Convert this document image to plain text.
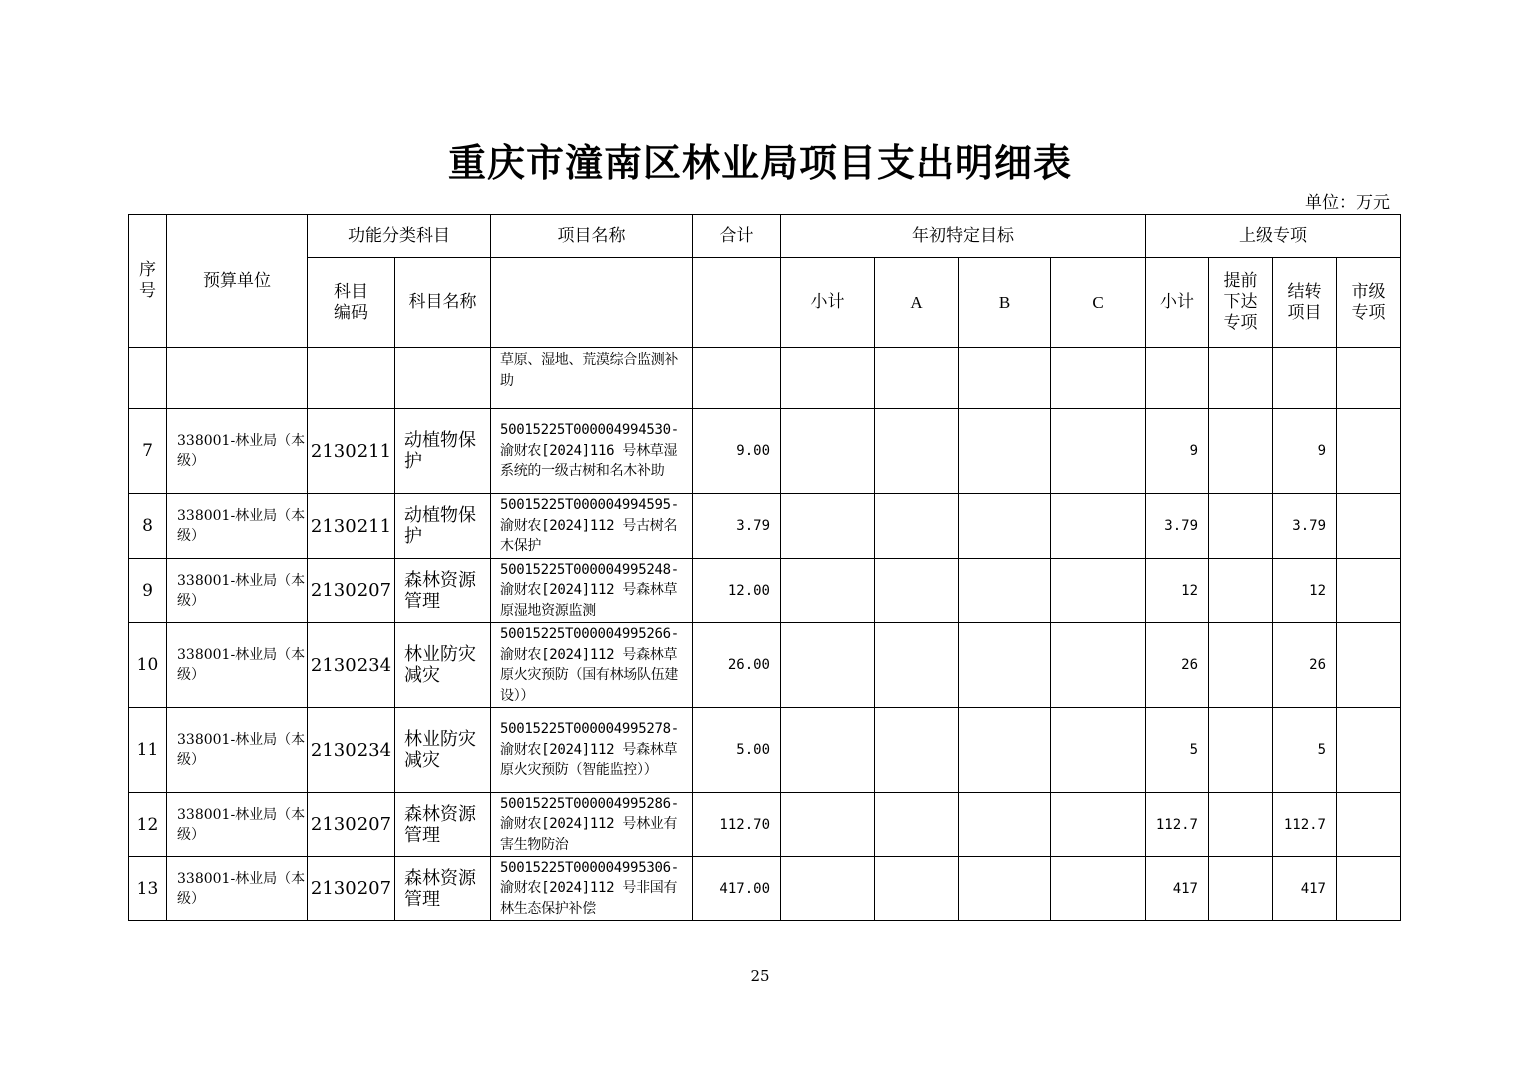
重庆市潼南区林业局项目支出明细表
单位：万元
序号	预算单位	功能分类科目		项目名称	合计	年初特定目标				上级专项			
		科目编码	科目名称			小计	A	B	C	小计	提前下达专项	结转项目	市级专项
				草原、湿地、荒漠综合监测补助									
7	338001-林业局（本级）	2130211	动植物保护	50015225T000004994530-渝财农[2024]116 号林草湿系统的一级古树和名木补助	9.00					9		9	
8	338001-林业局（本级）	2130211	动植物保护	50015225T000004994595-渝财农[2024]112 号古树名木保护	3.79					3.79		3.79	
9	338001-林业局（本级）	2130207	森林资源管理	50015225T000004995248-渝财农[2024]112 号森林草原湿地资源监测	12.00					12		12	
10	338001-林业局（本级）	2130234	林业防灾减灾	50015225T000004995266-渝财农[2024]112 号森林草原火灾预防（国有林场队伍建设））	26.00					26		26	
11	338001-林业局（本级）	2130234	林业防灾减灾	50015225T000004995278-渝财农[2024]112 号森林草原火灾预防（智能监控））	5.00					5		5	
12	338001-林业局（本级）	2130207	森林资源管理	50015225T000004995286-渝财农[2024]112 号林业有害生物防治	112.70					112.7		112.7	
13	338001-林业局（本级）	2130207	森林资源管理	50015225T000004995306-渝财农[2024]112 号非国有林生态保护补偿	417.00					417		417	
25
